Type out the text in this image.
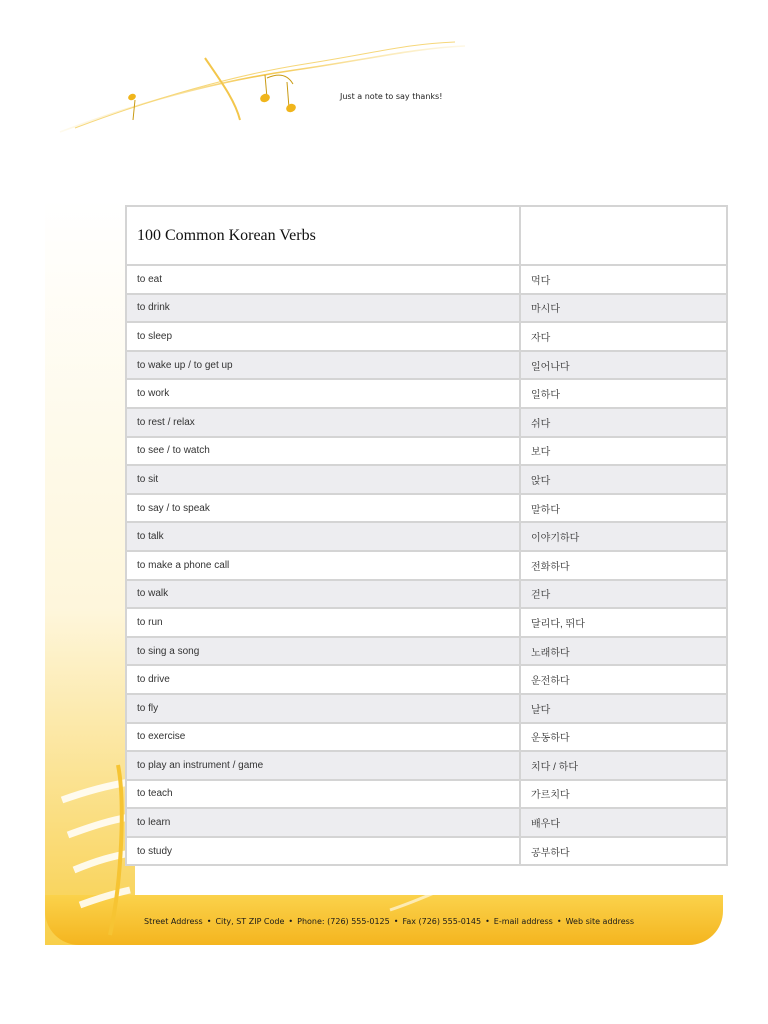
Just a note to say thanks!
100 Common Korean Verbs	
to eat	먹다
to drink	마시다
to sleep	자다
to wake up / to get up	일어나다
to work	일하다
to rest / relax	쉬다
to see / to watch	보다
to sit	앉다
to say / to speak	말하다
to talk	이야기하다
to make a phone call	전화하다
to walk	걷다
to run	달리다, 뛰다
to sing a song	노래하다
to drive	운전하다
to fly	날다
to exercise	운동하다
to play an instrument / game	치다 / 하다
to teach	가르치다
to learn	배우다
to study	공부하다
Street Address • City, ST ZIP Code • Phone: (726) 555-0125 • Fax (726) 555-0145 • E-mail address • Web site address
